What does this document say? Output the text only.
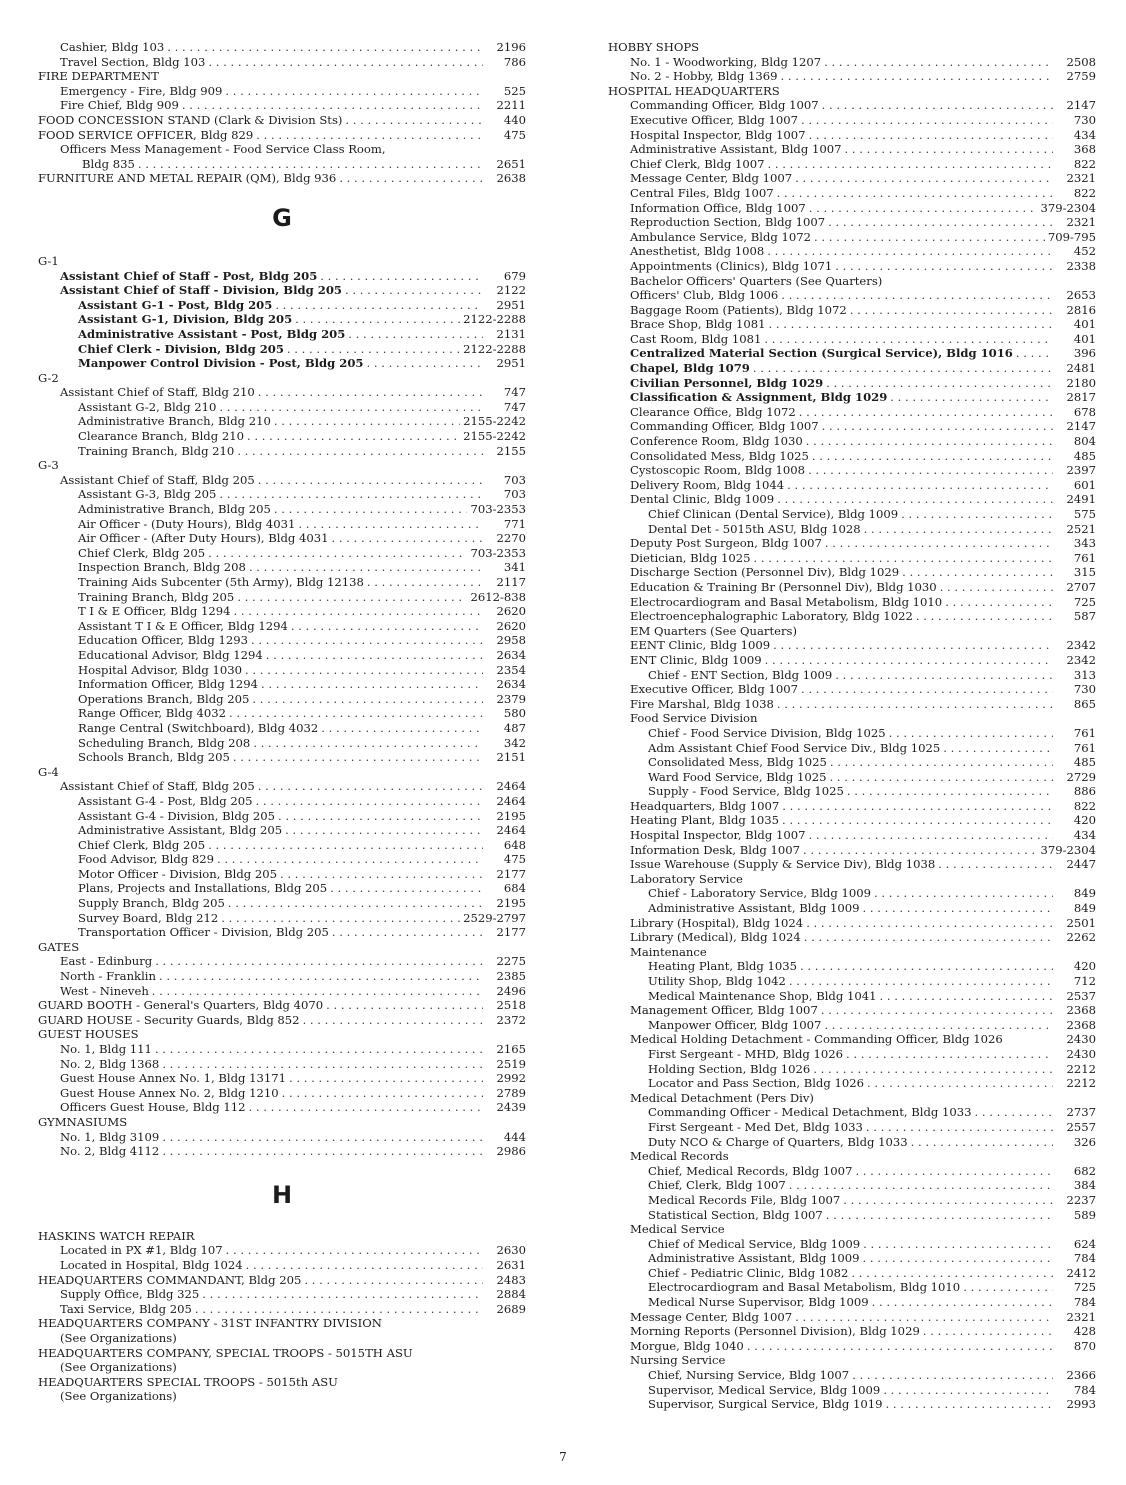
Cashier, Bldg 103 . . .	2196
Travel Section, Bldg 103 . . .	786
FIRE DEPARTMENT
Emergency - Fire, Bldg 909 . . .	525
Fire Chief, Bldg 909 . . .	2211
FOOD CONCESSION STAND (Clark & Division Sts) . . .	440
FOOD SERVICE OFFICER, Bldg 829 . . .	475
Officers Mess Management - Food Service Class Room,
Bldg 835 . . .	2651
FURNITURE AND METAL REPAIR (QM), Bldg 936 . . .	2638
G
G-1
Assistant Chief of Staff - Post, Bldg 205 . . .	679
Assistant Chief of Staff - Division, Bldg 205 . . .	2122
Assistant G-1 - Post, Bldg 205 . . .	2951
Assistant G-1, Division, Bldg 205 . . .	2122-2288
Administrative Assistant - Post, Bldg 205 . . .	2131
Chief Clerk - Division, Bldg 205 . . .	2122-2288
Manpower Control Division - Post, Bldg 205 . . .	2951
G-2
Assistant Chief of Staff, Bldg 210 . . .	747
Assistant G-2, Bldg 210 . . .	747
Administrative Branch, Bldg 210 . . .	2155-2242
Clearance Branch, Bldg 210 . . .	2155-2242
Training Branch, Bldg 210 . . .	2155
G-3
Assistant Chief of Staff, Bldg 205 . . .	703
Assistant G-3, Bldg 205 . . .	703
Administrative Branch, Bldg 205 . . .	703-2353
Air Officer - (Duty Hours), Bldg 4031 . . .	771
Air Officer - (After Duty Hours), Bldg 4031 . . .	2270
Chief Clerk, Bldg 205 . . .	703-2353
Inspection Branch, Bldg 208 . . .	341
Training Aids Subcenter (5th Army), Bldg 12138 . . .	2117
Training Branch, Bldg 205 . . .	2612-838
T I & E Officer, Bldg 1294 . . .	2620
Assistant T I & E Officer, Bldg 1294 . . .	2620
Education Officer, Bldg 1293 . . .	2958
Educational Advisor, Bldg 1294 . . .	2634
Hospital Advisor, Bldg 1030 . . .	2354
Information Officer, Bldg 1294 . . .	2634
Operations Branch, Bldg 205 . . .	2379
Range Officer, Bldg 4032 . . .	580
Range Central (Switchboard), Bldg 4032 . . .	487
Scheduling Branch, Bldg 208 . . .	342
Schools Branch, Bldg 205 . . .	2151
G-4
Assistant Chief of Staff, Bldg 205 . . .	2464
Assistant G-4 - Post, Bldg 205 . . .	2464
Assistant G-4 - Division, Bldg 205 . . .	2195
Administrative Assistant, Bldg 205 . . .	2464
Chief Clerk, Bldg 205 . . .	648
Food Advisor, Bldg 829 . . .	475
Motor Officer - Division, Bldg 205 . . .	2177
Plans, Projects and Installations, Bldg 205 . . .	684
Supply Branch, Bldg 205 . . .	2195
Survey Board, Bldg 212 . . .	2529-2797
Transportation Officer - Division, Bldg 205 . . .	2177
GATES
East - Edinburg . . .	2275
North - Franklin . . .	2385
West - Nineveh . . .	2496
GUARD BOOTH - General's Quarters, Bldg 4070 . . .	2518
GUARD HOUSE - Security Guards, Bldg 852 . . .	2372
GUEST HOUSES
No. 1, Bldg 111 . . .	2165
No. 2, Bldg 1368 . . .	2519
Guest House Annex No. 1, Bldg 13171 . . .	2992
Guest House Annex No. 2, Bldg 1210 . . .	2789
Officers Guest House, Bldg 112 . . .	2439
GYMNASIUMS
No. 1, Bldg 3109 . . .	444
No. 2, Bldg 4112 . . .	2986
H
HASKINS WATCH REPAIR
Located in PX #1, Bldg 107 . . .	2630
Located in Hospital, Bldg 1024 . . .	2631
HEADQUARTERS COMMANDANT, Bldg 205 . . .	2483
Supply Office, Bldg 325 . . .	2884
Taxi Service, Bldg 205 . . .	2689
HEADQUARTERS COMPANY - 31ST INFANTRY DIVISION
(See Organizations)
HEADQUARTERS COMPANY, SPECIAL TROOPS - 5015TH ASU
(See Organizations)
HEADQUARTERS SPECIAL TROOPS - 5015th ASU
(See Organizations)
HOBBY SHOPS
No. 1 - Woodworking, Bldg 1207 . . .	2508
No. 2 - Hobby, Bldg 1369 . . .	2759
HOSPITAL HEADQUARTERS
Commanding Officer, Bldg 1007 . . .	2147
Executive Officer, Bldg 1007 . . .	730
Hospital Inspector, Bldg 1007 . . .	434
Administrative Assistant, Bldg 1007 . . .	368
Chief Clerk, Bldg 1007 . . .	822
Message Center, Bldg 1007 . . .	2321
Central Files, Bldg 1007 . . .	822
Information Office, Bldg 1007 . . .	379-2304
Reproduction Section, Bldg 1007 . . .	2321
Ambulance Service, Bldg 1072 . . .	709-795
Anesthetist, Bldg 1008 . . .	452
Appointments (Clinics), Bldg 1071 . . .	2338
Bachelor Officers' Quarters (See Quarters)
Officers' Club, Bldg 1006 . . .	2653
Baggage Room (Patients), Bldg 1072 . . .	2816
Brace Shop, Bldg 1081 . . .	401
Cast Room, Bldg 1081 . . .	401
Centralized Material Section (Surgical Service), Bldg 1016 . . .	396
Chapel, Bldg 1079 . . .	2481
Civilian Personnel, Bldg 1029 . . .	2180
Classification & Assignment, Bldg 1029 . . .	2817
Clearance Office, Bldg 1072 . . .	678
Commanding Officer, Bldg 1007 . . .	2147
Conference Room, Bldg 1030 . . .	804
Consolidated Mess, Bldg 1025 . . .	485
Cystoscopic Room, Bldg 1008 . . .	2397
Delivery Room, Bldg 1044 . . .	601
Dental Clinic, Bldg 1009 . . .	2491
Chief Clinican (Dental Service), Bldg 1009 . . .	575
Dental Det - 5015th ASU, Bldg 1028 . . .	2521
Deputy Post Surgeon, Bldg 1007 . . .	343
Dietician, Bldg 1025 . . .	761
Discharge Section (Personnel Div), Bldg 1029 . . .	315
Education & Training Br (Personnel Div), Bldg 1030 . . .	2707
Electrocardiogram and Basal Metabolism, Bldg 1010 . . .	725
Electroencephalographic Laboratory, Bldg 1022 . . .	587
EM Quarters (See Quarters)
EENT Clinic, Bldg 1009 . . .	2342
ENT Clinic, Bldg 1009 . . .	2342
Chief - ENT Section, Bldg 1009 . . .	313
Executive Officer, Bldg 1007 . . .	730
Fire Marshal, Bldg 1038 . . .	865
Food Service Division
Chief - Food Service Division, Bldg 1025 . . .	761
Adm Assistant Chief Food Service Div., Bldg 1025 . . .	761
Consolidated Mess, Bldg 1025 . . .	485
Ward Food Service, Bldg 1025 . . .	2729
Supply - Food Service, Bldg 1025 . . .	886
Headquarters, Bldg 1007 . . .	822
Heating Plant, Bldg 1035 . . .	420
Hospital Inspector, Bldg 1007 . . .	434
Information Desk, Bldg 1007 . . .	379-2304
Issue Warehouse (Supply & Service Div), Bldg 1038 . . .	2447
Laboratory Service
Chief - Laboratory Service, Bldg 1009 . . .	849
Administrative Assistant, Bldg 1009 . . .	849
Library (Hospital), Bldg 1024 . . .	2501
Library (Medical), Bldg 1024 . . .	2262
Maintenance
Heating Plant, Bldg 1035 . . .	420
Utility Shop, Bldg 1042 . . .	712
Medical Maintenance Shop, Bldg 1041 . . .	2537
Management Officer, Bldg 1007 . . .	2368
Manpower Officer, Bldg 1007 . . .	2368
Medical Holding Detachment - Commanding Officer, Bldg 1026	2430
First Sergeant - MHD, Bldg 1026 . . .	2430
Holding Section, Bldg 1026 . . .	2212
Locator and Pass Section, Bldg 1026 . . .	2212
Medical Detachment (Pers Div)
Commanding Officer - Medical Detachment, Bldg 1033 . . .	2737
First Sergeant - Med Det, Bldg 1033 . . .	2557
Duty NCO & Charge of Quarters, Bldg 1033 . . .	326
Medical Records
Chief, Medical Records, Bldg 1007 . . .	682
Chief, Clerk, Bldg 1007 . . .	384
Medical Records File, Bldg 1007 . . .	2237
Statistical Section, Bldg 1007 . . .	589
Medical Service
Chief of Medical Service, Bldg 1009 . . .	624
Administrative Assistant, Bldg 1009 . . .	784
Chief - Pediatric Clinic, Bldg 1082 . . .	2412
Electrocardiogram and Basal Metabolism, Bldg 1010 . . .	725
Medical Nurse Supervisor, Bldg 1009 . . .	784
Message Center, Bldg 1007 . . .	2321
Morning Reports (Personnel Division), Bldg 1029 . . .	428
Morgue, Bldg 1040 . . .	870
Nursing Service
Chief, Nursing Service, Bldg 1007 . . .	2366
Supervisor, Medical Service, Bldg 1009 . . .	784
Supervisor, Surgical Service, Bldg 1019 . . .	2993
7
